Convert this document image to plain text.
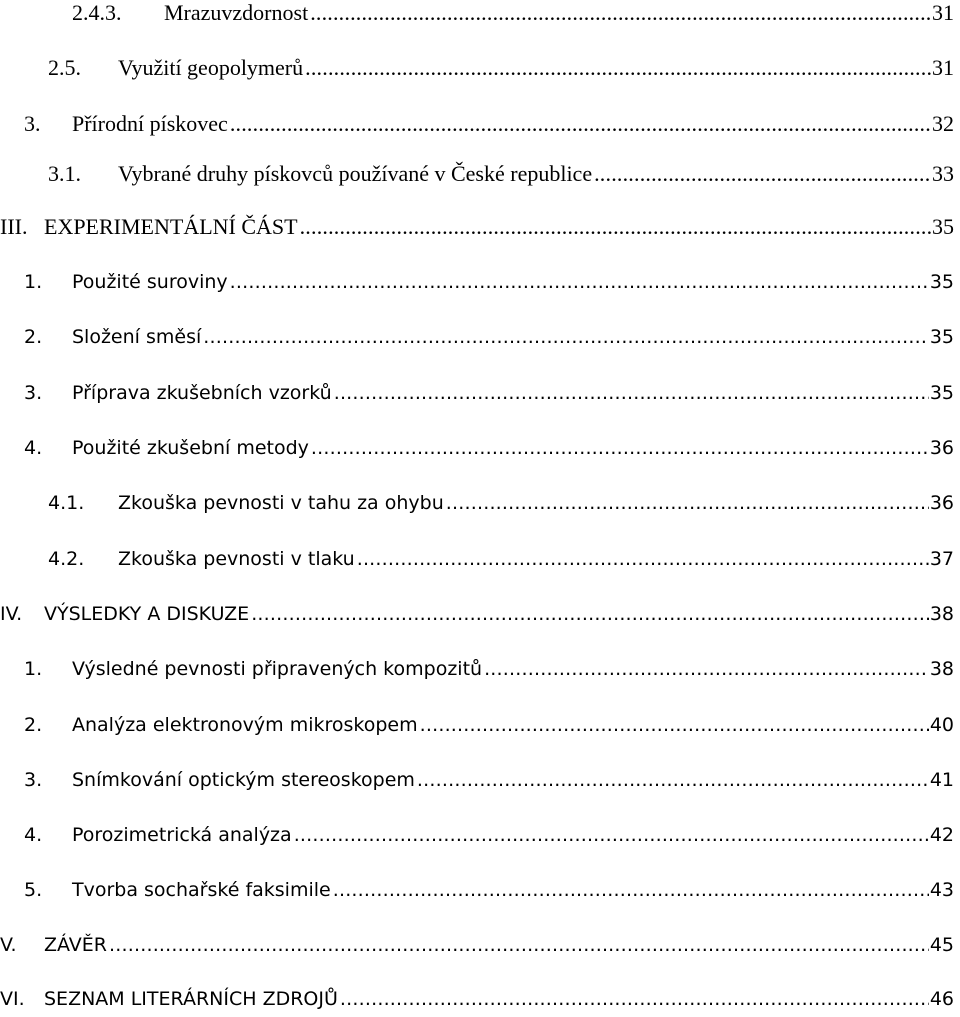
2.4.3.	Mrazuvzdornost .....	31
2.5.	Využití geopolymerů .....	31
3.	Přírodní pískovec .....	32
3.1.	Vybrané druhy pískovců používané v České republice .....	33
III. EXPERIMENTÁLNÍ ČÁST .....	35
1.	Použité suroviny .....	35
2.	Složení směsí .....	35
3.	Příprava zkušebních vzorků .....	35
4.	Použité zkušební metody .....	36
4.1.	Zkouška pevnosti v tahu za ohybu .....	36
4.2.	Zkouška pevnosti v tlaku .....	37
IV.	VÝSLEDKY A DISKUZE .....	38
1.	Výsledné pevnosti připravených kompozitů .....	38
2.	Analýza elektronovým mikroskopem .....	40
3.	Snímkování optickým stereoskopem .....	41
4.	Porozimetrická analýza .....	42
5.	Tvorba sochařské faksimile .....	43
V.	ZÁVĚR .....	45
VI.	SEZNAM LITERÁRNÍCH ZDROJŮ .....	46
